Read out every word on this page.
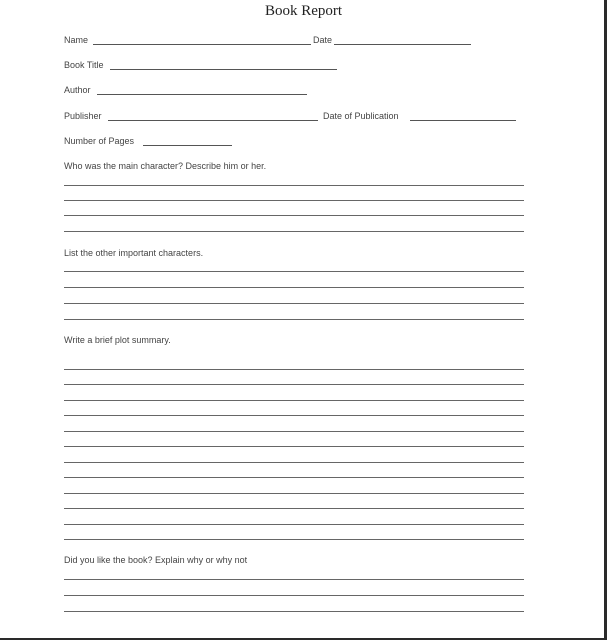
Book Report
Name	Date
Book Title
Author
Publisher	Date of Publication
Number of Pages
Who was the main character? Describe him or her.
List the other important characters.
Write a brief plot summary.
Did you like the book? Explain why or why not
